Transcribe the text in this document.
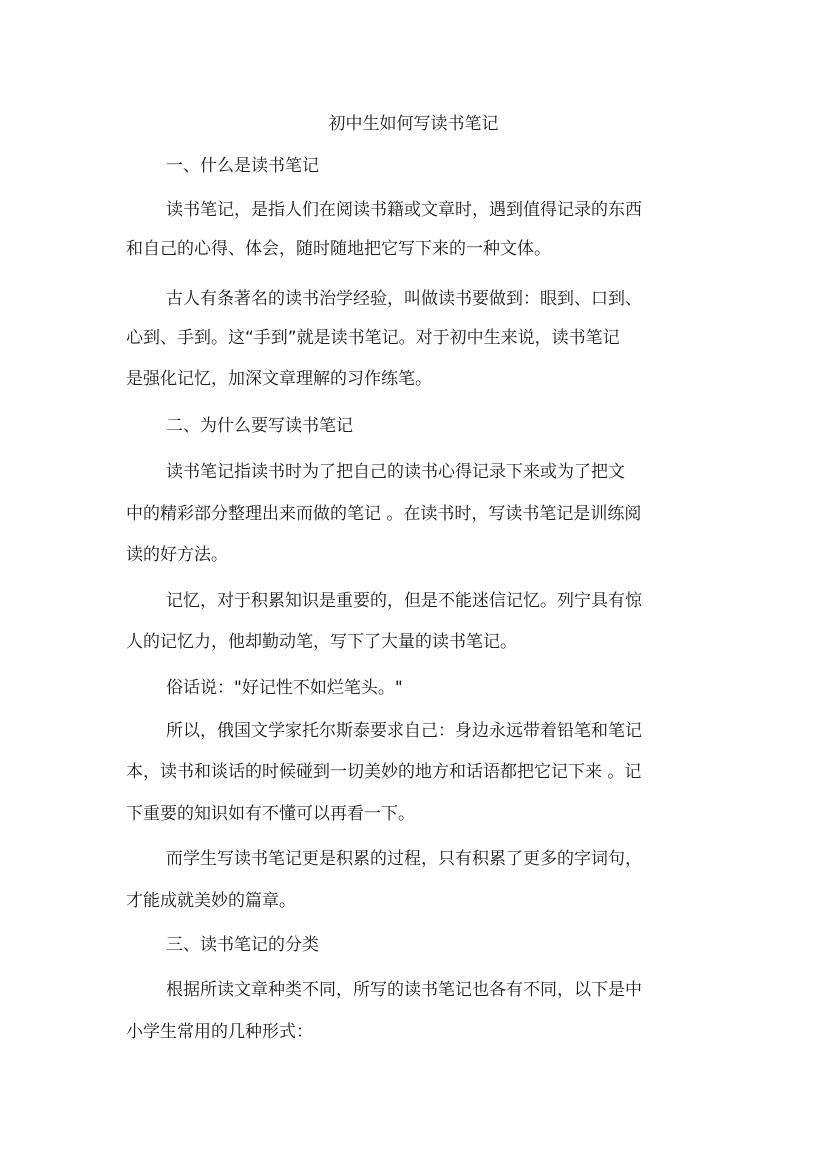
初中生如何写读书笔记
一、什么是读书笔记
读书笔记，是指人们在阅读书籍或文章时，遇到值得记录的东西
和自己的心得、体会，随时随地把它写下来的一种文体。
古人有条著名的读书治学经验，叫做读书要做到：眼到、口到、
心到、手到。这“手到”就是读书笔记。对于初中生来说，读书笔记
是强化记忆，加深文章理解的习作练笔。
二、为什么要写读书笔记
读书笔记指读书时为了把自己的读书心得记录下来或为了把文
中的精彩部分整理出来而做的笔记 。在读书时，写读书笔记是训练阅
读的好方法。
记忆，对于积累知识是重要的，但是不能迷信记忆。列宁具有惊
人的记忆力，他却勤动笔，写下了大量的读书笔记。
俗话说："好记性不如烂笔头。"
所以，俄国文学家托尔斯泰要求自己：身边永远带着铅笔和笔记
本，读书和谈话的时候碰到一切美妙的地方和话语都把它记下来 。记
下重要的知识如有不懂可以再看一下。
而学生写读书笔记更是积累的过程，只有积累了更多的字词句，
才能成就美妙的篇章。
三、读书笔记的分类
根据所读文章种类不同，所写的读书笔记也各有不同，以下是中
小学生常用的几种形式：
